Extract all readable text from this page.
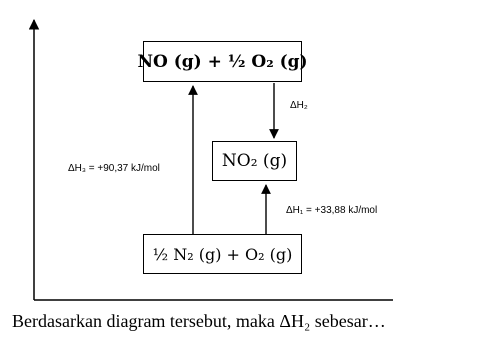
NO (g) + ½ O₂ (g)
NO₂ (g)
½ N₂ (g) + O₂ (g)
ΔH₃ = +90,37 kJ/mol
ΔH₂
ΔH₁ = +33,88 kJ/mol
Berdasarkan diagram tersebut, maka ΔH₂ sebesar…
